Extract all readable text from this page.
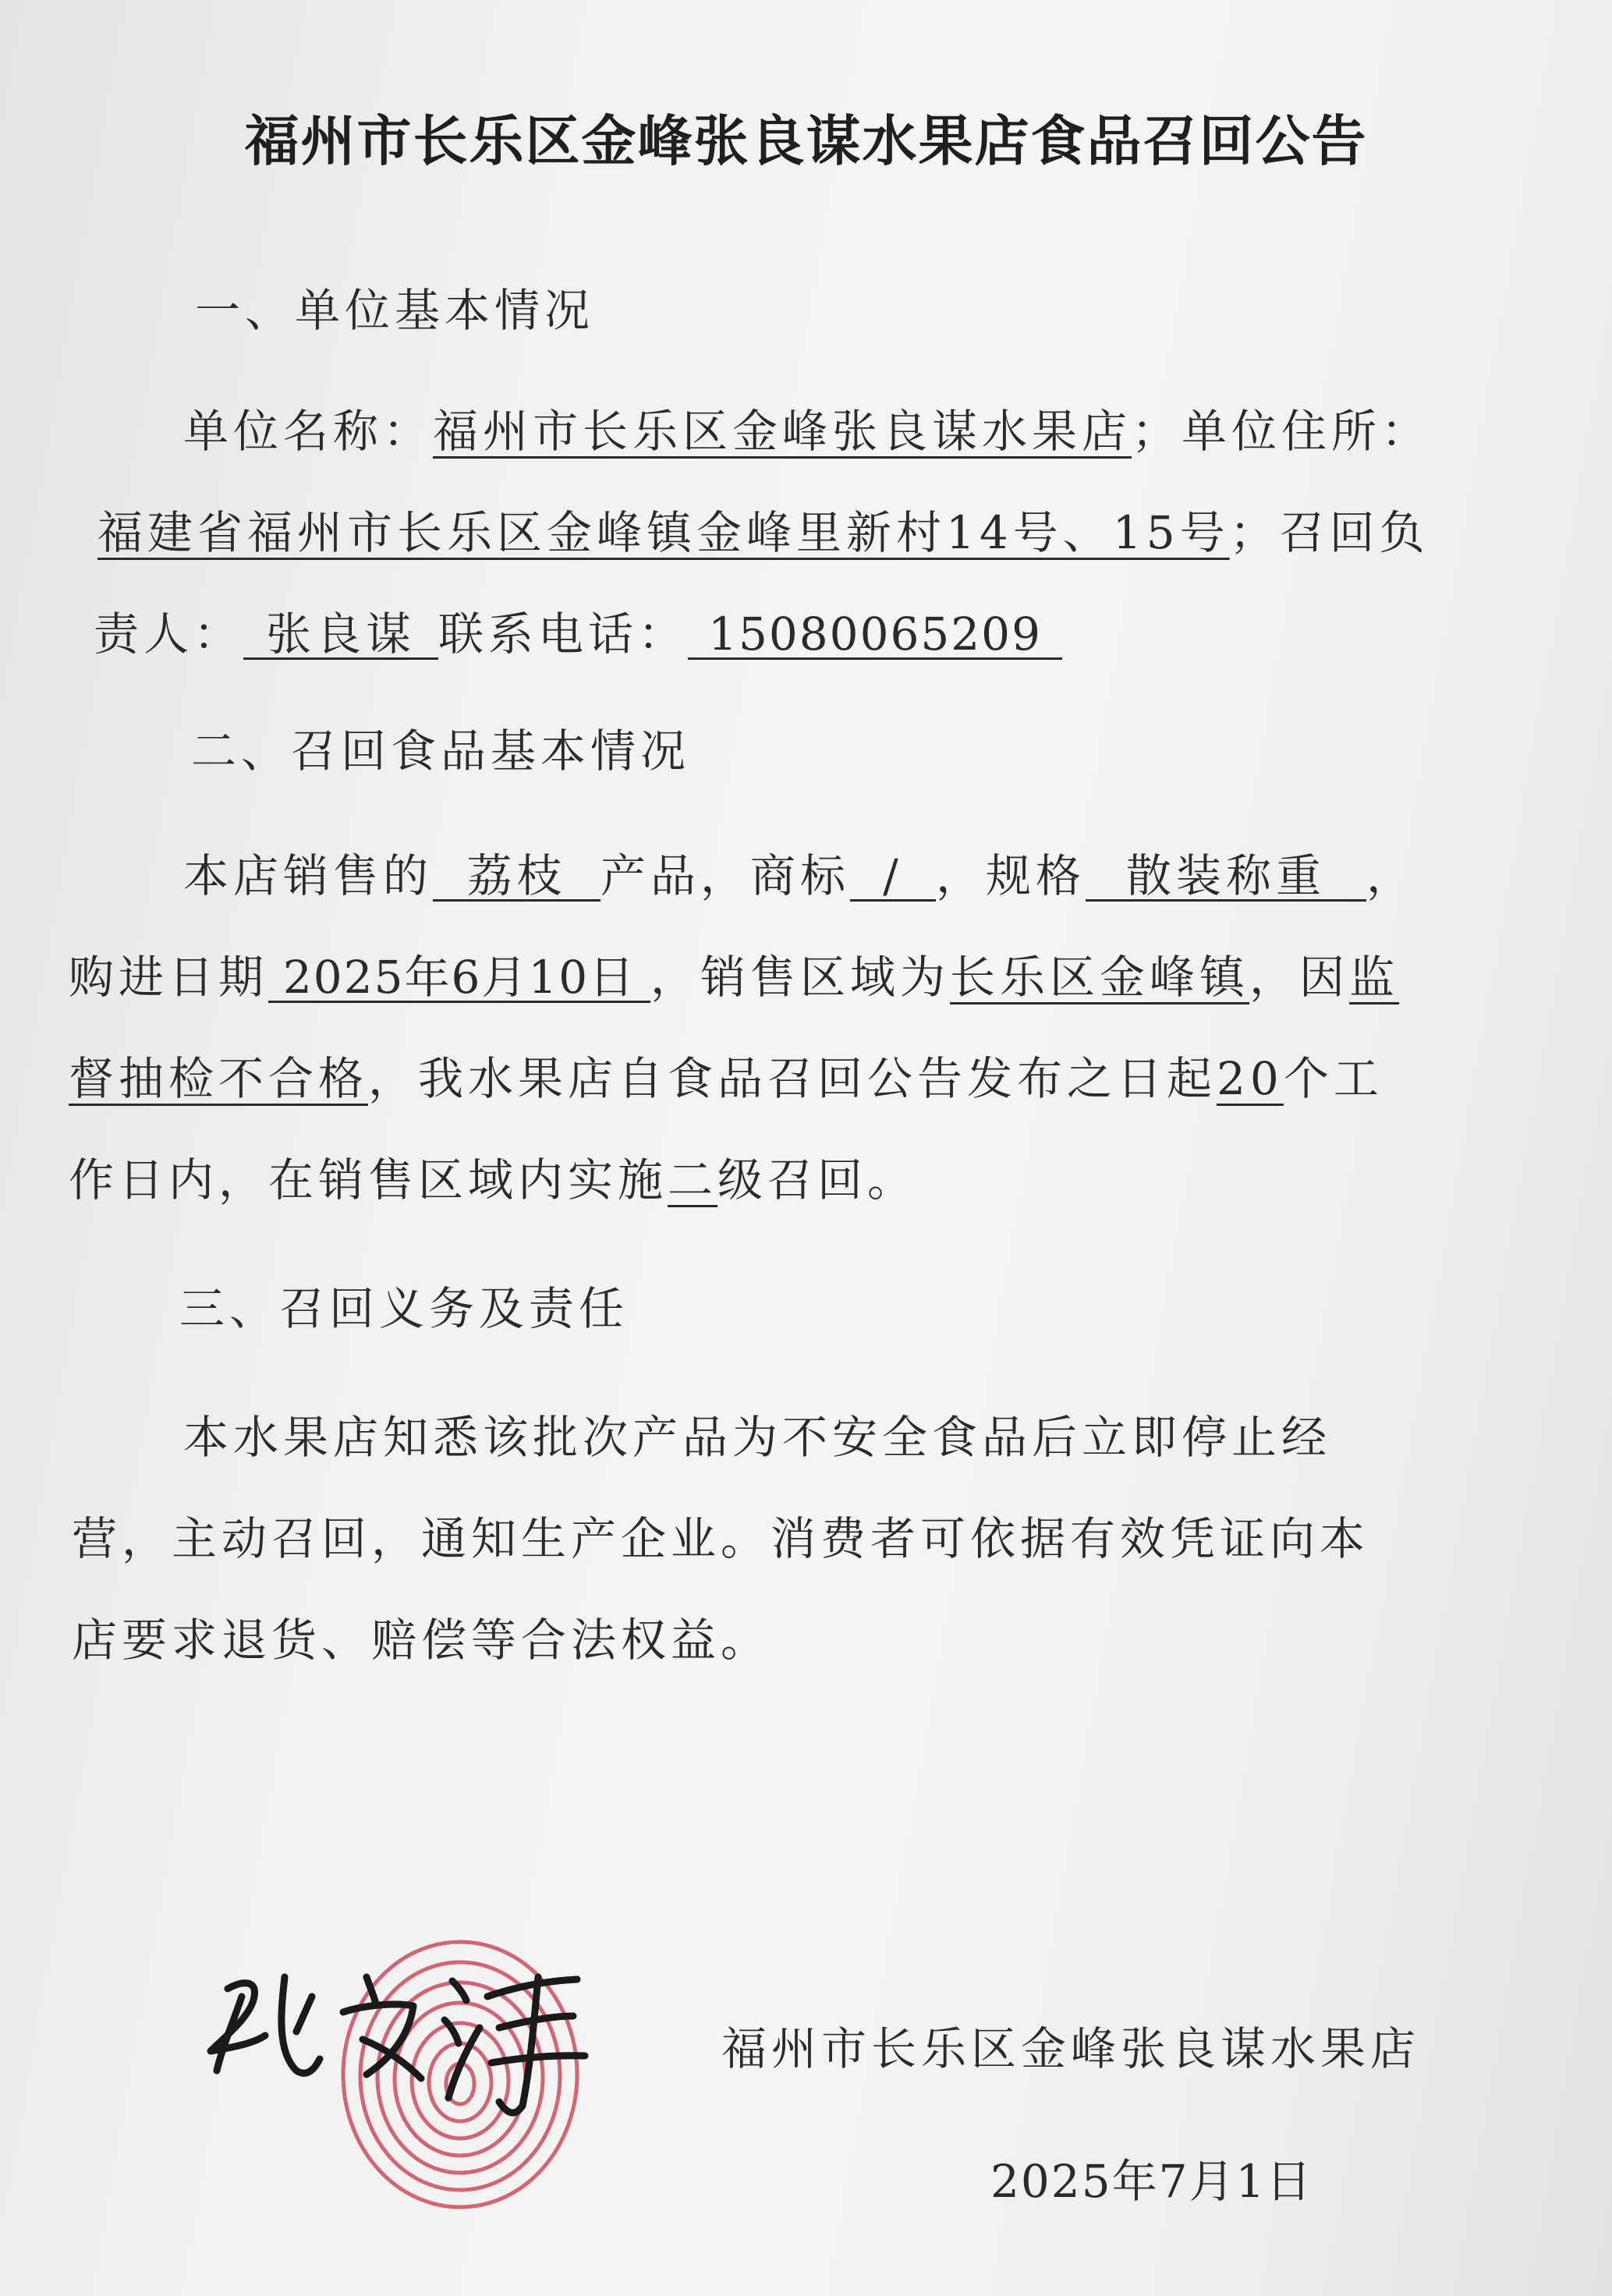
福州市长乐区金峰张良谋水果店食品召回公告
一、单位基本情况
单位名称：福州市长乐区金峰张良谋水果店；单位住所：
福建省福州市长乐区金峰镇金峰里新村14号、15号；召回负
责人： 张良谋 联系电话： 15080065209
二、召回食品基本情况
本店销售的 荔枝 产品，商标 / ，规格 散装称重 ，
购进日期 2025年6月10日 ，销售区域为长乐区金峰镇，因监
督抽检不合格，我水果店自食品召回公告发布之日起20个工
作日内，在销售区域内实施二级召回。
三、召回义务及责任
本水果店知悉该批次产品为不安全食品后立即停止经
营，主动召回，通知生产企业。消费者可依据有效凭证向本
店要求退货、赔偿等合法权益。
福州市长乐区金峰张良谋水果店
2025年7月1日
